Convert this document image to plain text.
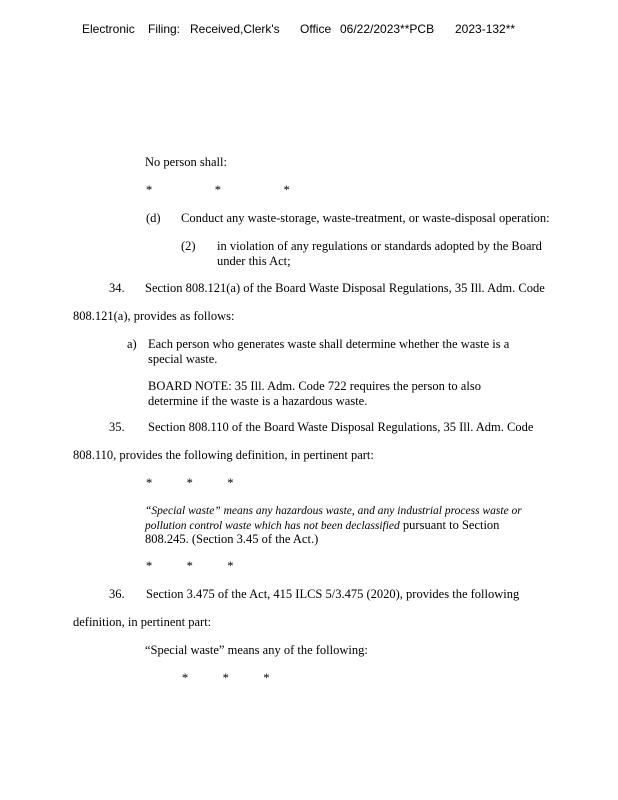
Electronic Filing: Received,Clerk's Office 06/22/2023**PCB 2023-132**
No person shall:
*                    *                    *
(d) Conduct any waste-storage, waste-treatment, or waste-disposal operation:
(2) in violation of any regulations or standards adopted by the Board
under this Act;
34. Section 808.121(a) of the Board Waste Disposal Regulations, 35 Ill. Adm. Code
808.121(a), provides as follows:
a) Each person who generates waste shall determine whether the waste is a
special waste.
BOARD NOTE: 35 Ill. Adm. Code 722 requires the person to also
determine if the waste is a hazardous waste.
35. Section 808.110 of the Board Waste Disposal Regulations, 35 Ill. Adm. Code
808.110, provides the following definition, in pertinent part:
*           *           *
“Special waste” means any hazardous waste, and any industrial process waste or
pollution control waste which has not been declassified pursuant to Section
808.245. (Section 3.45 of the Act.)
*           *           *
36. Section 3.475 of the Act, 415 ILCS 5/3.475 (2020), provides the following
definition, in pertinent part:
“Special waste” means any of the following:
*           *           *
